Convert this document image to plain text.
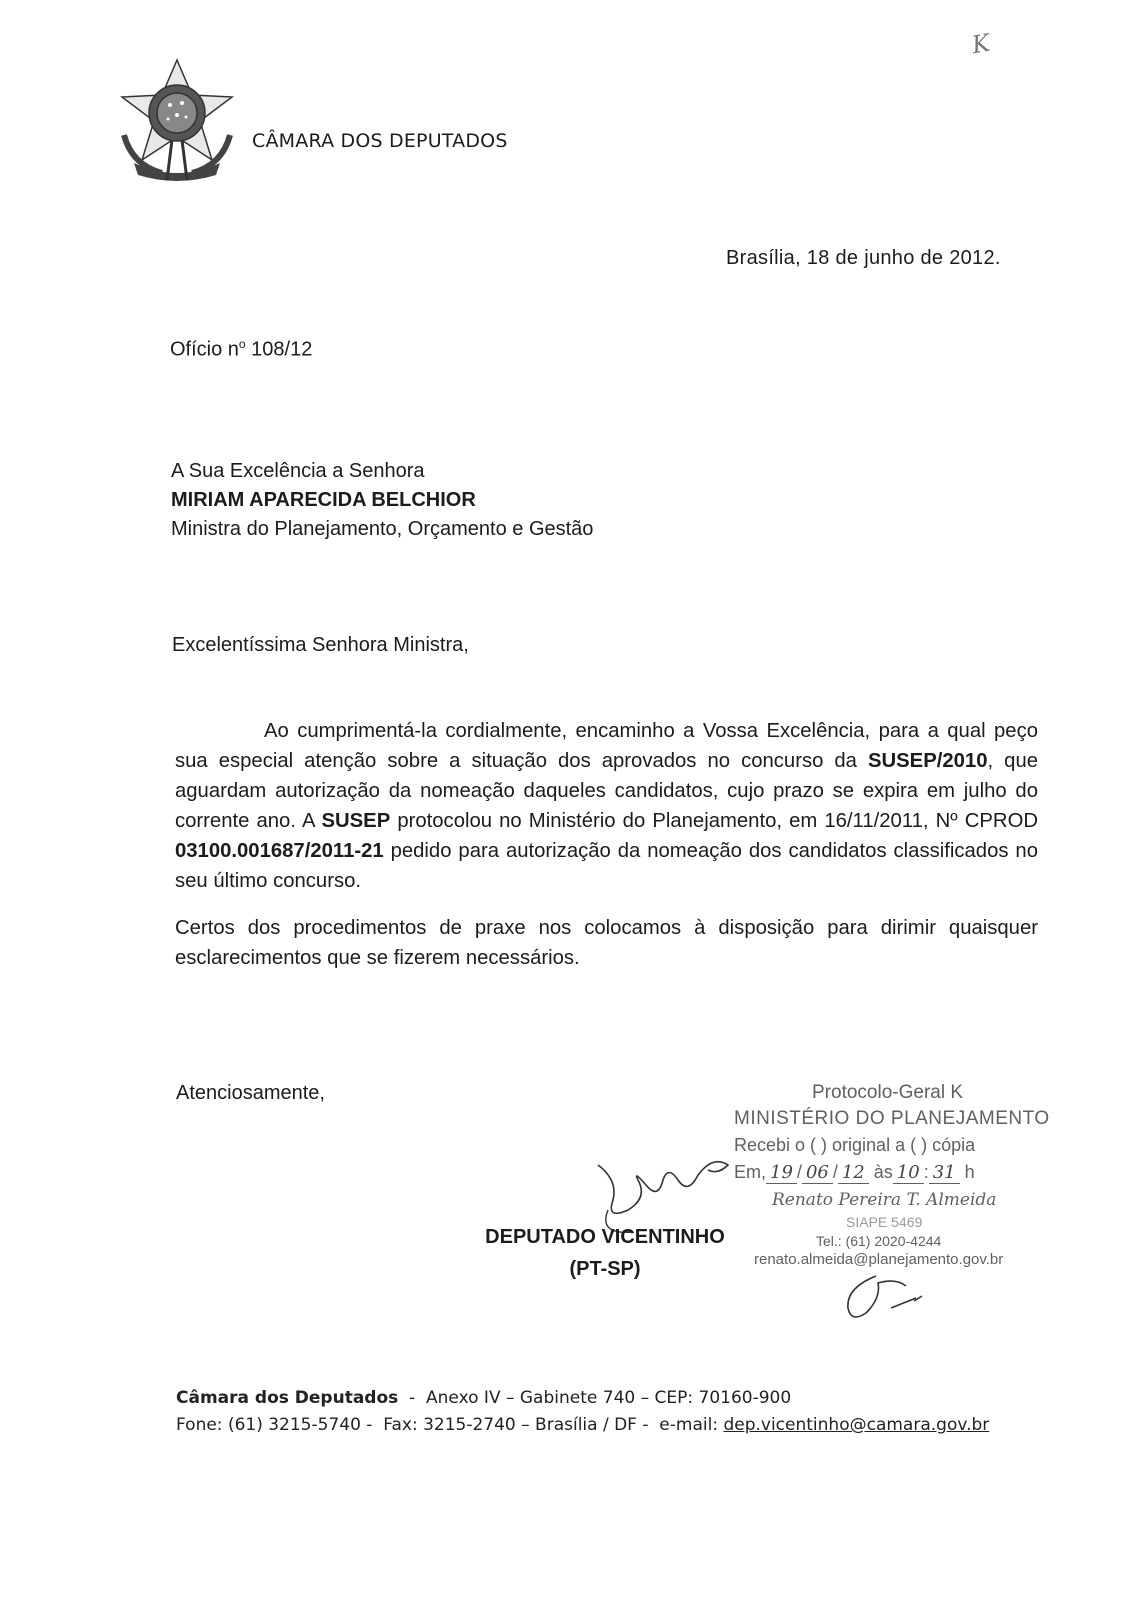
CÂMARA DOS DEPUTADOS
K
Brasília, 18 de junho de 2012.
Ofício $n^o$ 108/12
A Sua Excelência a Senhora
MIRIAM APARECIDA BELCHIOR
Ministra do Planejamento, Orçamento e Gestão
Excelentíssima Senhora Ministra,

Ao cumprimentá-la cordialmente, encaminho a Vossa Excelência, para a qual peço sua especial atenção sobre a situação dos aprovados no concurso da SUSEP/2010, que aguardam autorização da nomeação daqueles candidatos, cujo prazo se expira em julho do corrente ano. A SUSEP protocolou no Ministério do Planejamento, em 16/11/2011, Nº CPROD 03100.001687/2011-21 pedido para autorização da nomeação dos candidatos classificados no seu último concurso.

Certos dos procedimentos de praxe nos colocamos à disposição para dirimir quaisquer esclarecimentos que se fizerem necessários.

Atenciosamente,
DEPUTADO VICENTINHO
(PT-SP)
Protocolo-Geral K
MINISTÉRIO DO PLANEJAMENTO
Recebi o ( ) original a ( ) cópia
Em, 19 / 06 / 12 às 10 : 31 h
Renato Pereira T. Almeida
SIAPE 5469
Tel.: (61) 2020-4244
renato.almeida@planejamento.gov.br
Câmara dos Deputados  -  Anexo IV – Gabinete 740 – CEP: 70160-900
Fone: (61) 3215-5740 -  Fax: 3215-2740 – Brasília / DF -  e-mail: dep.vicentinho@camara.gov.br
